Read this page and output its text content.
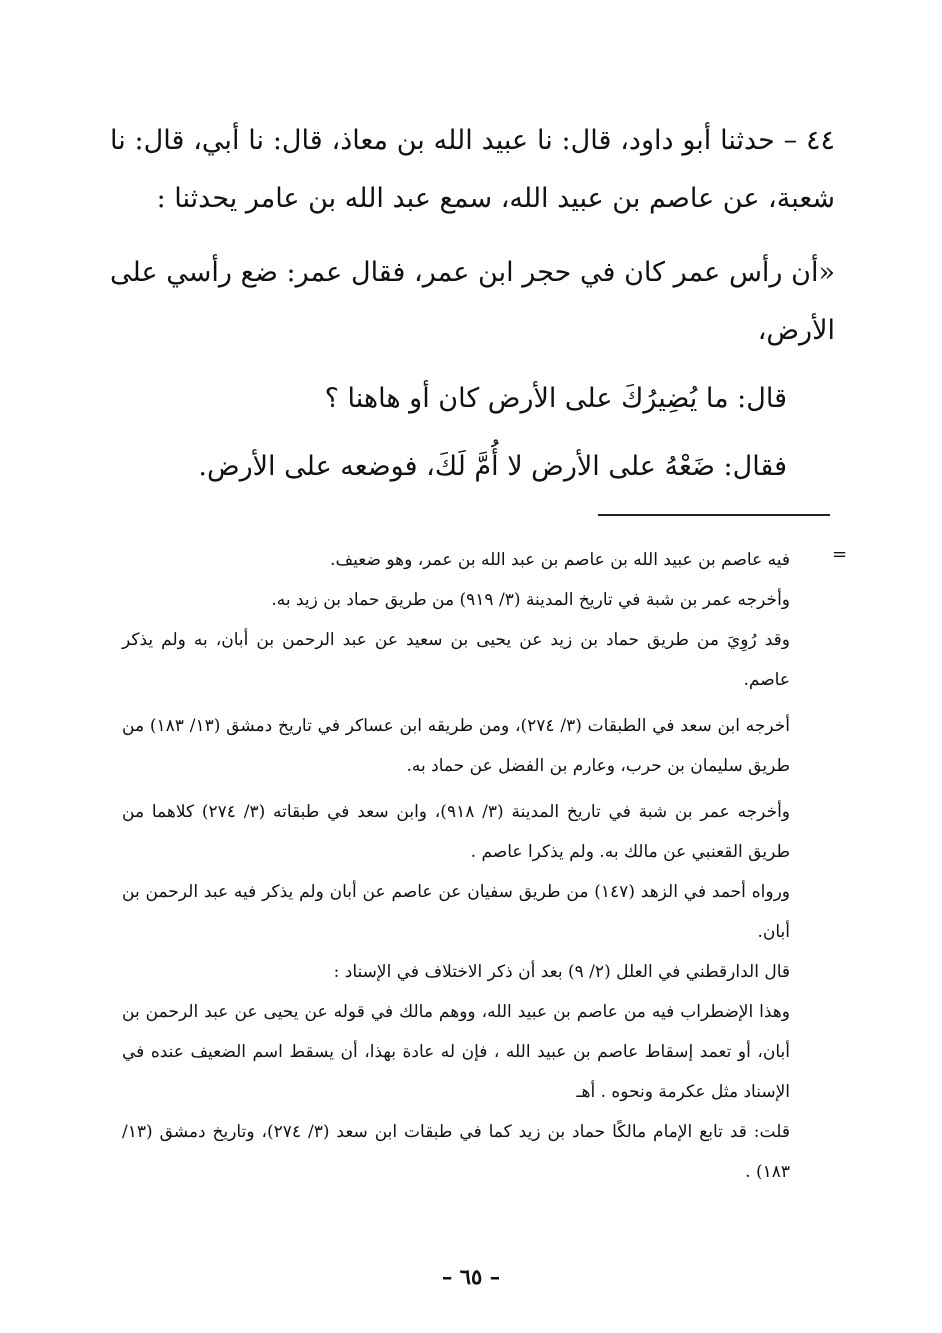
٤٤ – حدثنا أبو داود، قال: نا عبيد الله بن معاذ، قال: نا أبي، قال: نا شعبة، عن عاصم بن عبيد الله، سمع عبد الله بن عامر يحدثنا :

«أن رأس عمر كان في حجر ابن عمر، فقال عمر: ضع رأسي على الأرض،

قال: ما يُضِيرُكَ على الأرض كان أو هاهنا ؟

فقال: ضَعْهُ على الأرض لا أُمَّ لَكَ، فوضعه على الأرض.

=

فيه عاصم بن عبيد الله بن عاصم بن عبد الله بن عمر، وهو ضعيف.

وأخرجه عمر بن شبة في تاريخ المدينة (٣/ ٩١٩) من طريق حماد بن زيد به.

وقد رُوِيَ من طريق حماد بن زيد عن يحيى بن سعيد عن عبد الرحمن بن أبان، به ولم يذكر عاصم.

أخرجه ابن سعد في الطبقات (٣/ ٢٧٤)، ومن طريقه ابن عساكر في تاريخ دمشق (١٣/ ١٨٣) من طريق سليمان بن حرب، وعارم بن الفضل عن حماد به.

وأخرجه عمر بن شبة في تاريخ المدينة (٣/ ٩١٨)، وابن سعد في طبقاته (٣/ ٢٧٤) كلاهما من طريق القعنبي عن مالك به. ولم يذكرا عاصم .

ورواه أحمد في الزهد (١٤٧) من طريق سفيان عن عاصم عن أبان ولم يذكر فيه عبد الرحمن بن أبان.

قال الدارقطني في العلل (٢/ ٩) بعد أن ذكر الاختلاف في الإسناد :

وهذا الإضطراب فيه من عاصم بن عبيد الله، ووهم مالك في قوله عن يحيى عن عبد الرحمن بن أبان، أو تعمد إسقاط عاصم بن عبيد الله ، فإن له عادة بهذا، أن يسقط اسم الضعيف عنده في الإسناد مثل عكرمة ونحوه . أهـ

قلت: قد تابع الإمام مالكًا حماد بن زيد كما في طبقات ابن سعد (٣/ ٢٧٤)، وتاريخ دمشق (١٣/ ١٨٣) .

– ٦٥ –
